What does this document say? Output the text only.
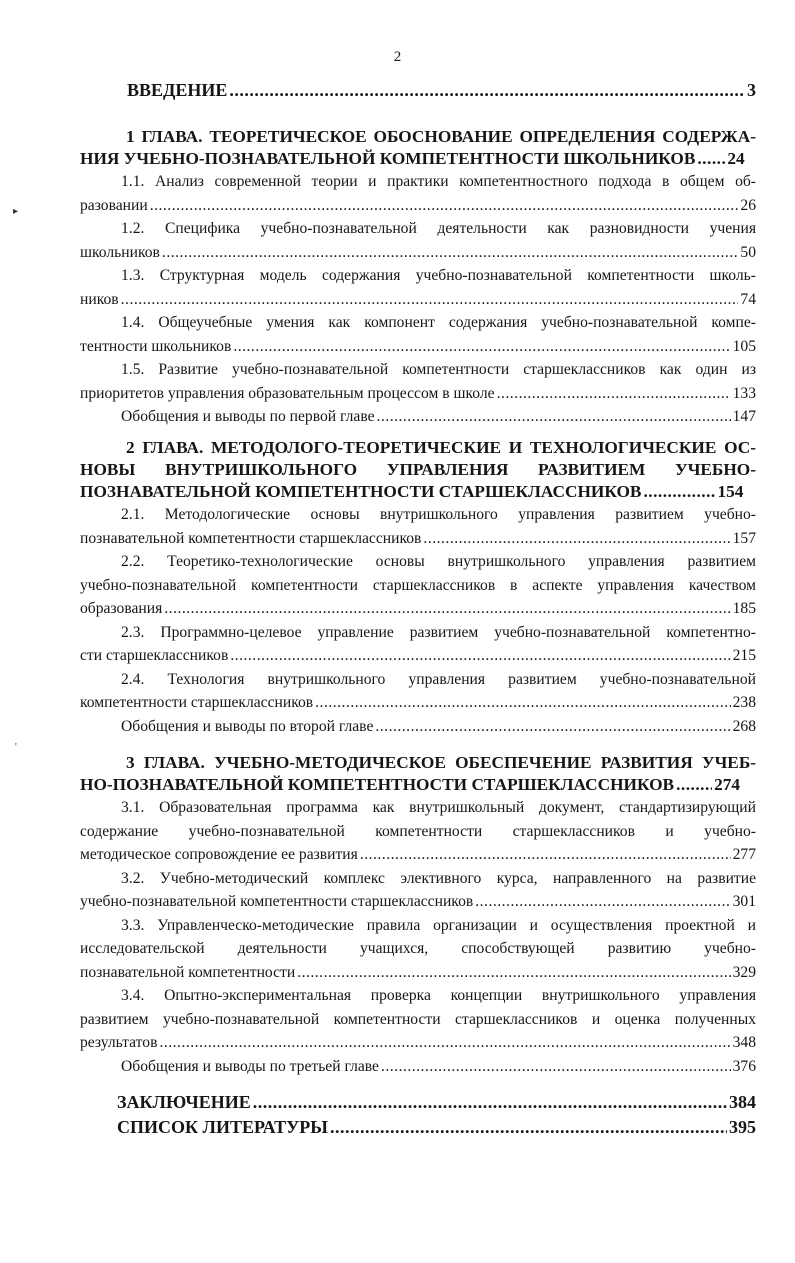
2
▸
'
ВВЕДЕНИЕ .....	3
1 ГЛАВА. ТЕОРЕТИЧЕСКОЕ ОБОСНОВАНИЕ ОПРЕДЕЛЕНИЯ СОДЕРЖА-
НИЯ УЧЕБНО-ПОЗНАВАТЕЛЬНОЙ КОМПЕТЕНТНОСТИ ШКОЛЬНИКОВ ..... 24
1.1. Анализ современной теории и практики компетентностного подхода в общем об-
разовании .....	26
1.2. Специфика учебно-познавательной деятельности как разновидности учения
школьников .....	50
1.3. Структурная модель содержания учебно-познавательной компетентности школь-
ников .....	74
1.4. Общеучебные умения как компонент содержания учебно-познавательной компе-
тентности школьников .....	105
1.5. Развитие учебно-познавательной компетентности старшеклассников как один из
приоритетов управления образовательным процессом в школе .....	133
Обобщения и выводы по первой главе .....	147
2 ГЛАВА. МЕТОДОЛОГО-ТЕОРЕТИЧЕСКИЕ И ТЕХНОЛОГИЧЕСКИЕ ОС-
НОВЫ ВНУТРИШКОЛЬНОГО УПРАВЛЕНИЯ РАЗВИТИЕМ УЧЕБНО-
ПОЗНАВАТЕЛЬНОЙ КОМПЕТЕНТНОСТИ СТАРШЕКЛАССНИКОВ .....	154
2.1. Методологические основы внутришкольного управления развитием учебно-
познавательной компетентности старшеклассников .....	157
2.2. Теоретико-технологические основы внутришкольного управления развитием
учебно-познавательной компетентности старшеклассников в аспекте управления качеством
образования .....	185
2.3. Программно-целевое управление развитием учебно-познавательной компетентно-
сти старшеклассников .....	215
2.4. Технология внутришкольного управления развитием учебно-познавательной
компетентности старшеклассников .....	238
Обобщения и выводы по второй главе .....	268
3 ГЛАВА. УЧЕБНО-МЕТОДИЧЕСКОЕ ОБЕСПЕЧЕНИЕ РАЗВИТИЯ УЧЕБ-
НО-ПОЗНАВАТЕЛЬНОЙ КОМПЕТЕНТНОСТИ СТАРШЕКЛАССНИКОВ ..... 274
3.1. Образовательная программа как внутришкольный документ, стандартизирующий
содержание учебно-познавательной компетентности старшеклассников и учебно-
методическое сопровождение ее развития .....	277
3.2. Учебно-методический комплекс элективного курса, направленного на развитие
учебно-познавательной компетентности старшеклассников .....	301
3.3. Управленческо-методические правила организации и осуществления проектной и
исследовательской деятельности учащихся, способствующей развитию учебно-
познавательной компетентности .....	329
3.4. Опытно-экспериментальная проверка концепции внутришкольного управления
развитием учебно-познавательной компетентности старшеклассников и оценка полученных
результатов .....	348
Обобщения и выводы по третьей главе .....	376
ЗАКЛЮЧЕНИЕ .....	384
СПИСОК ЛИТЕРАТУРЫ .....	395
